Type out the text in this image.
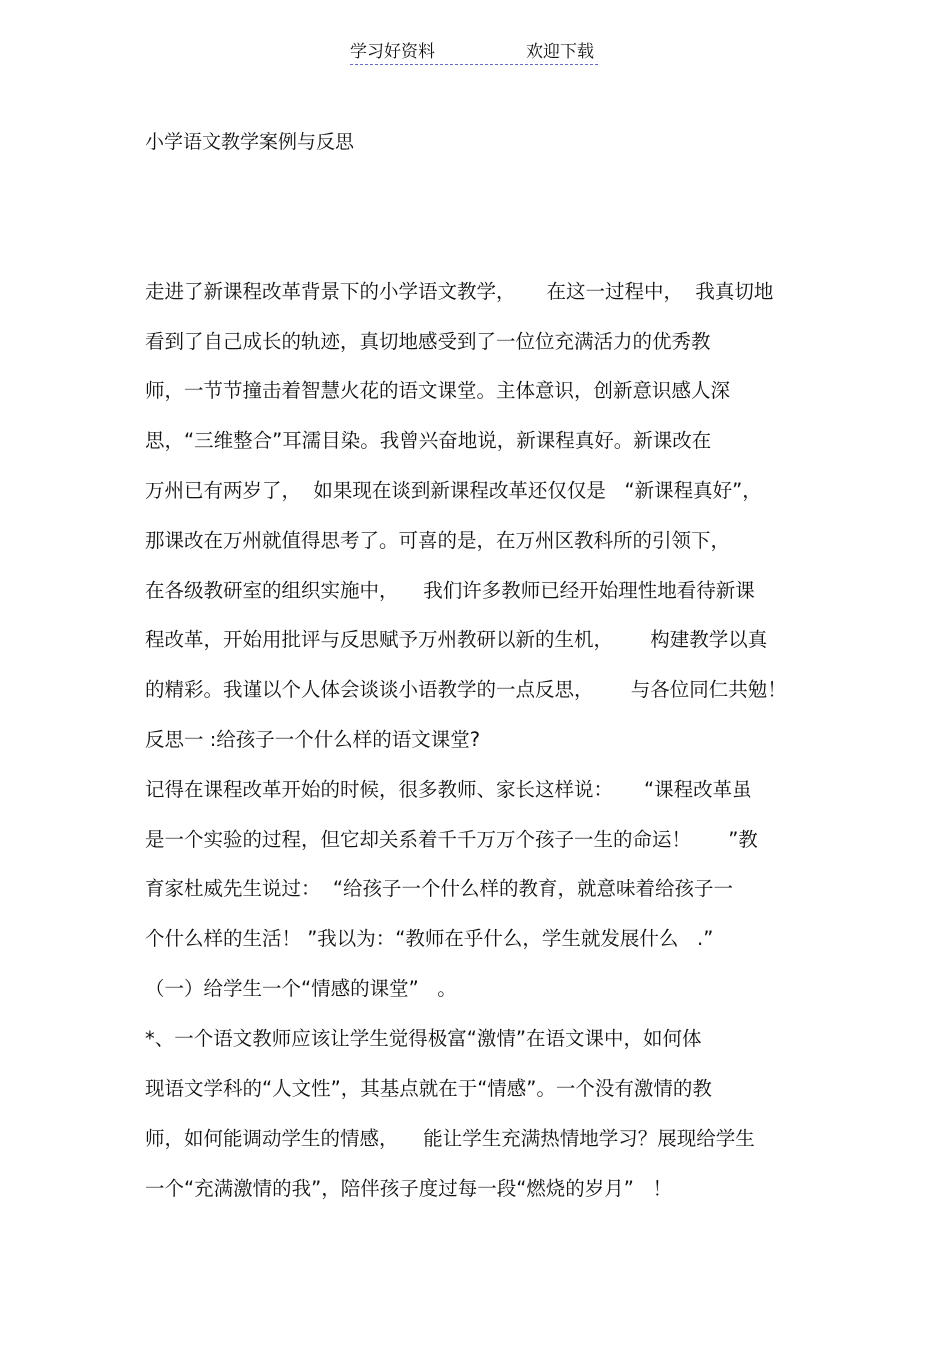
学习好资料	欢迎下载
小学语文教学案例与反思
走进了新课程改革背景下的小学语文教学，     在这一过程中，  我真切地
看到了自己成长的轨迹，真切地感受到了一位位充满活力的优秀教
师，一节节撞击着智慧火花的语文课堂。主体意识，创新意识感人深
思，“三维整合”耳濡目染。我曾兴奋地说，新课程真好。新课改在
万州已有两岁了，  如果现在谈到新课程改革还仅仅是   “新课程真好”，
那课改在万州就值得思考了。可喜的是，在万州区教科所的引领下，
在各级教研室的组织实施中，    我们许多教师已经开始理性地看待新课
程改革，开始用批评与反思赋予万州教研以新的生机，      构建教学以真
的精彩。我谨以个人体会谈谈小语教学的一点反思，      与各位同仁共勉！
反思一 :给孩子一个什么样的语文课堂?
记得在课程改革开始的时候，很多教师、家长这样说：     “课程改革虽
是一个实验的过程，但它却关系着千千万万个孩子一生的命运！      ”教
育家杜威先生说过：  “给孩子一个什么样的教育，就意味着给孩子一
个什么样的生活！ ”我以为：“教师在乎什么，学生就发展什么   .”
（一）给学生一个“情感的课堂”   。
*、一个语文教师应该让学生觉得极富“激情”在语文课中，如何体
现语文学科的“人文性”，其基点就在于“情感”。一个没有激情的教
师，如何能调动学生的情感，    能让学生充满热情地学习？展现给学生
一个“充满激情的我”，陪伴孩子度过每一段“燃烧的岁月”   ！
